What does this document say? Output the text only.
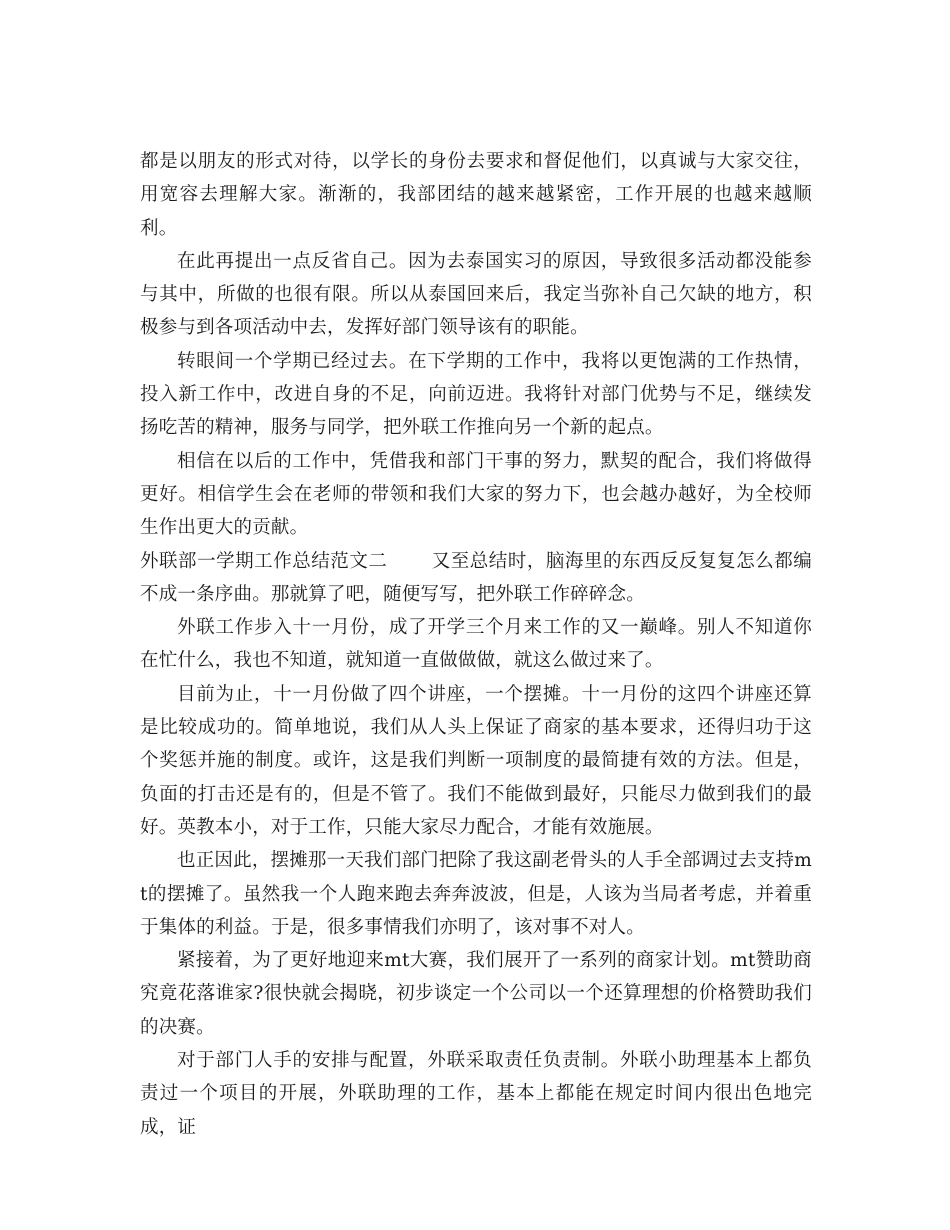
都是以朋友的形式对待，以学长的身份去要求和督促他们，以真诚与大家交往，用宽容去理解大家。渐渐的，我部团结的越来越紧密，工作开展的也越来越顺利。

在此再提出一点反省自己。因为去泰国实习的原因，导致很多活动都没能参与其中，所做的也很有限。所以从泰国回来后，我定当弥补自己欠缺的地方，积极参与到各项活动中去，发挥好部门领导该有的职能。

转眼间一个学期已经过去。在下学期的工作中，我将以更饱满的工作热情，投入新工作中，改进自身的不足，向前迈进。我将针对部门优势与不足，继续发扬吃苦的精神，服务与同学，把外联工作推向另一个新的起点。

相信在以后的工作中，凭借我和部门干事的努力，默契的配合，我们将做得更好。相信学生会在老师的带领和我们大家的努力下，也会越办越好，为全校师生作出更大的贡献。

外联部一学期工作总结范文二 又至总结时，脑海里的东西反反复复怎么都编不成一条序曲。那就算了吧，随便写写，把外联工作碎碎念。

外联工作步入十一月份，成了开学三个月来工作的又一巅峰。别人不知道你在忙什么，我也不知道，就知道一直做做做，就这么做过来了。

目前为止，十一月份做了四个讲座，一个摆摊。十一月份的这四个讲座还算是比较成功的。简单地说，我们从人头上保证了商家的基本要求，还得归功于这个奖惩并施的制度。或许，这是我们判断一项制度的最简捷有效的方法。但是，负面的打击还是有的，但是不管了。我们不能做到最好，只能尽力做到我们的最好。英教本小，对于工作，只能大家尽力配合，才能有效施展。

也正因此，摆摊那一天我们部门把除了我这副老骨头的人手全部调过去支持mt的摆摊了。虽然我一个人跑来跑去奔奔波波，但是，人该为当局者考虑，并着重于集体的利益。于是，很多事情我们亦明了，该对事不对人。

紧接着，为了更好地迎来mt大赛，我们展开了一系列的商家计划。mt赞助商究竟花落谁家?很快就会揭晓，初步谈定一个公司以一个还算理想的价格赞助我们的决赛。

对于部门人手的安排与配置，外联采取责任负责制。外联小助理基本上都负责过一个项目的开展，外联助理的工作，基本上都能在规定时间内很出色地完成，证
